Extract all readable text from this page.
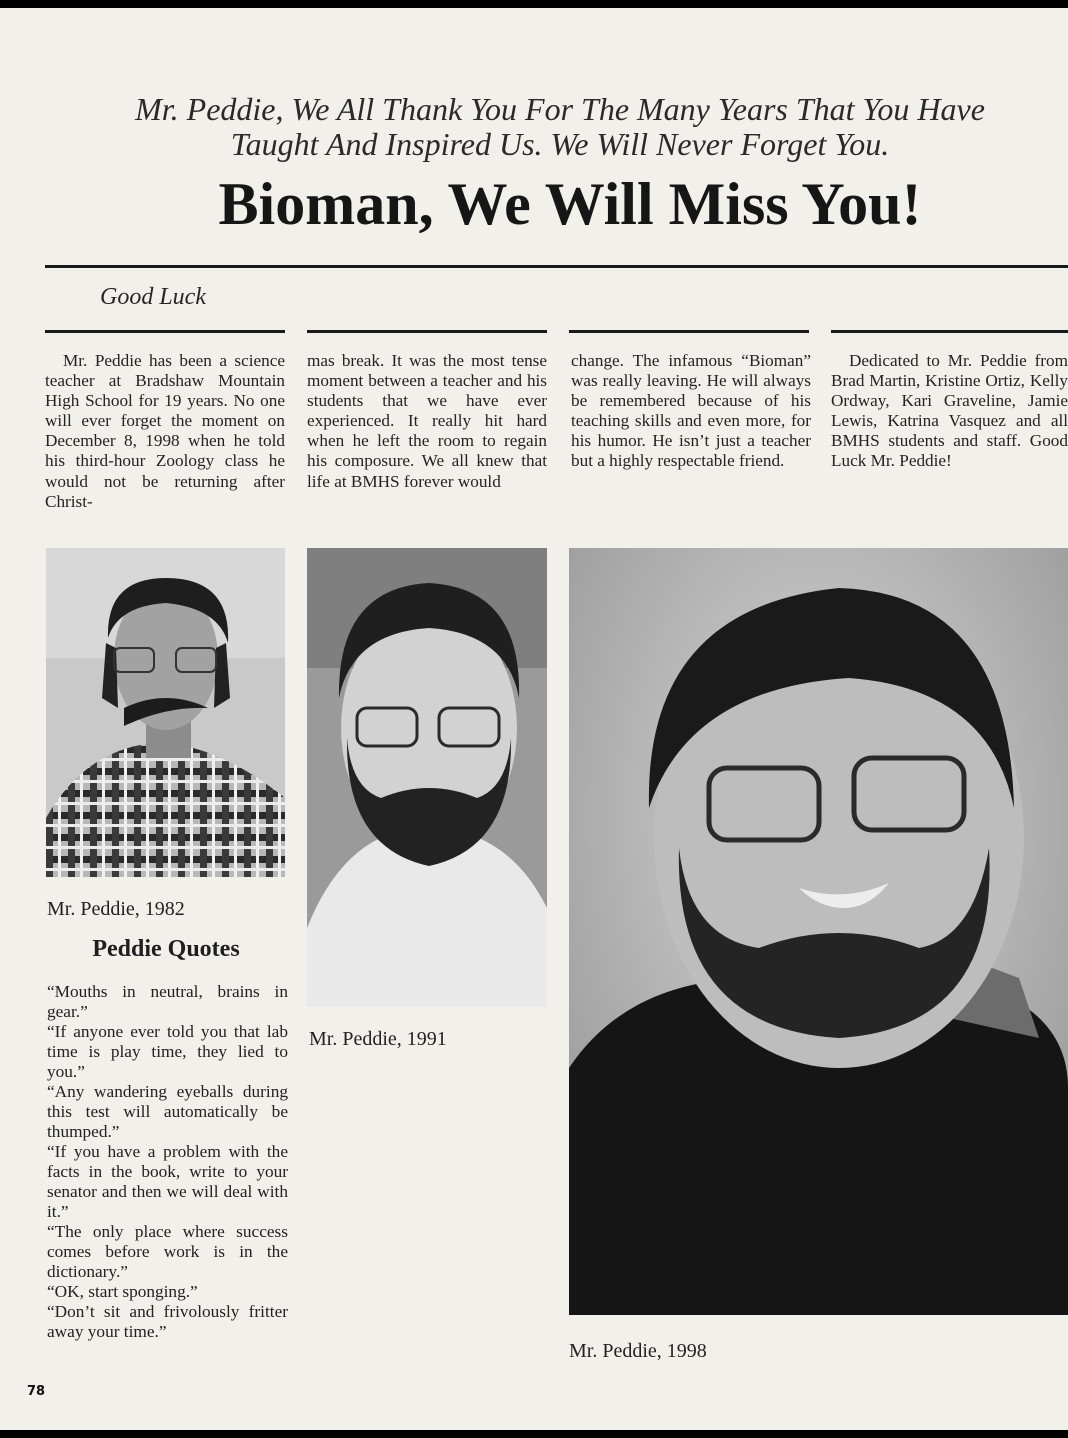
Mr. Peddie, We All Thank You For The Many Years That You Have
Taught And Inspired Us. We Will Never Forget You.
Bioman, We Will Miss You!
Good Luck

Mr. Peddie has been a science teacher at Bradshaw Mountain High School for 19 years. No one will ever forget the moment on December 8, 1998 when he told his third-hour Zoology class he would not be returning after Christ-

mas break. It was the most tense moment between a teacher and his students that we have ever experienced. It really hit hard when he left the room to regain his composure. We all knew that life at BMHS forever would

change. The infamous “Bioman” was really leaving. He will always be remembered because of his teaching skills and even more, for his humor. He isn’t just a teacher but a highly respectable friend.

Dedicated to Mr. Peddie from Brad Martin, Kristine Ortiz, Kelly Ordway, Kari Graveline, Jamie Lewis, Katrina Vasquez and all BMHS students and staff. Good Luck Mr. Peddie!

Mr. Peddie, 1982
Mr. Peddie, 1991
Mr. Peddie, 1998
Peddie Quotes
“Mouths in neutral, brains in gear.”
“If anyone ever told you that lab time is play time, they lied to you.”
“Any wandering eyeballs during this test will automatically be thumped.”
“If you have a problem with the facts in the book, write to your senator and then we will deal with it.”
“The only place where success comes before work is in the dictionary.”
“OK, start sponging.”
“Don’t sit and frivolously fritter away your time.”
78
